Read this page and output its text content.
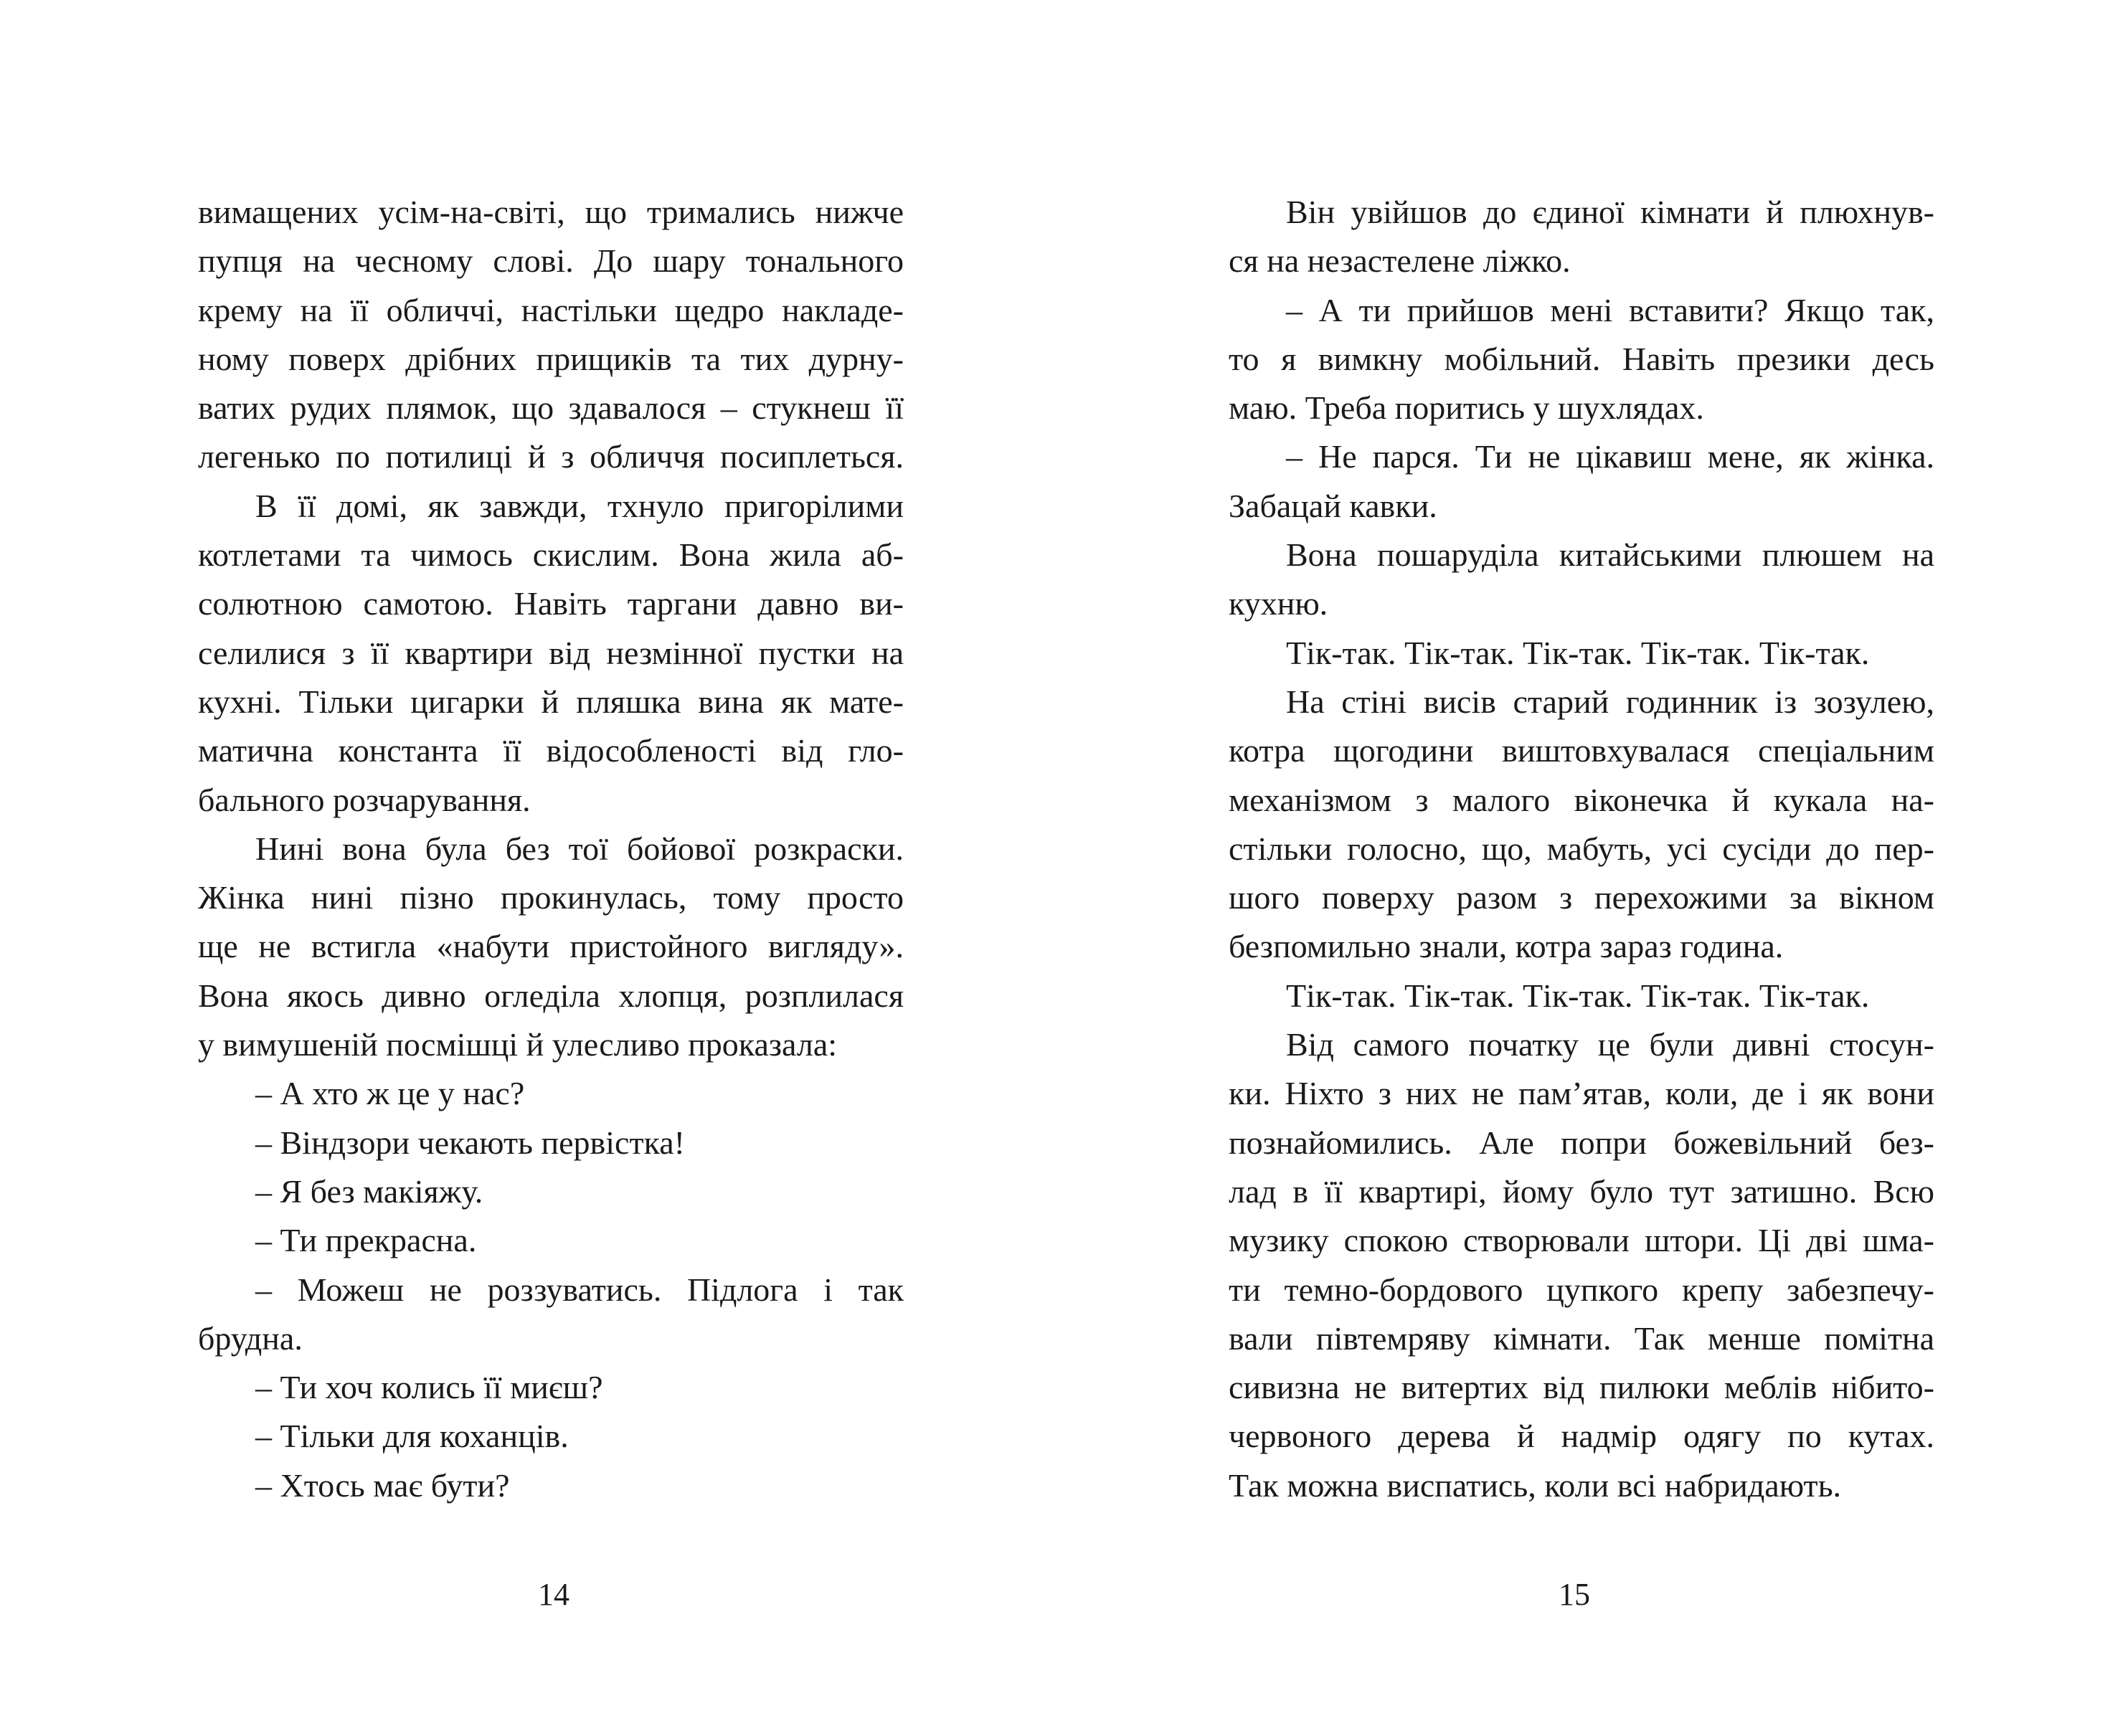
вимащених усім-на-світі, що тримались нижче
пупця на чесному слові. До шару тонального
крему на її обличчі, настільки щедро накладе-
ному поверх дрібних прищиків та тих дурну-
ватих рудих плямок, що здавалося – стукнеш її
легенько по потилиці й з обличчя посиплеться.
В її домі, як завжди, тхнуло пригорілими
котлетами та чимось скислим. Вона жила аб-
солютною самотою. Навіть таргани давно ви-
селилися з її квартири від незмінної пустки на
кухні. Тільки цигарки й пляшка вина як мате-
матична константа її відособленості від гло-
бального розчарування.
Нині вона була без тої бойової розкраски.
Жінка нині пізно прокинулась, тому просто
ще не встигла «набути пристойного вигляду».
Вона якось дивно огледіла хлопця, розплилася
у вимушеній посмішці й улесливо проказала:
– А хто ж це у нас?
– Віндзори чекають первістка!
– Я без макіяжу.
– Ти прекрасна.
– Можеш не роззуватись. Підлога і так
брудна.
– Ти хоч колись її миєш?
– Тільки для коханців.
– Хтось має бути?
Він увійшов до єдиної кімнати й плюхнув-
ся на незастелене ліжко.
– А ти прийшов мені вставити? Якщо так,
то я вимкну мобільний. Навіть презики десь
маю. Треба поритись у шухлядах.
– Не парся. Ти не цікавиш мене, як жінка.
Забацай кавки.
Вона пошаруділа китайськими плюшем на
кухню.
Тік-так. Тік-так. Тік-так. Тік-так. Тік-так.
На стіні висів старий годинник із зозулею,
котра щогодини виштовхувалася спеціальним
механізмом з малого віконечка й кукала на-
стільки голосно, що, мабуть, усі сусіди до пер-
шого поверху разом з перехожими за вікном
безпомильно знали, котра зараз година.
Тік-так. Тік-так. Тік-так. Тік-так. Тік-так.
Від самого початку це були дивні стосун-
ки. Ніхто з них не пам’ятав, коли, де і як вони
познайомились. Але попри божевільний без-
лад в її квартирі, йому було тут затишно. Всю
музику спокою створювали штори. Ці дві шма-
ти темно-бордового цупкого крепу забезпечу-
вали півтемряву кімнати. Так менше помітна
сивизна не витертих від пилюки меблів нібито-
червоного дерева й надмір одягу по кутах.
Так можна виспатись, коли всі набридають.
14	15
